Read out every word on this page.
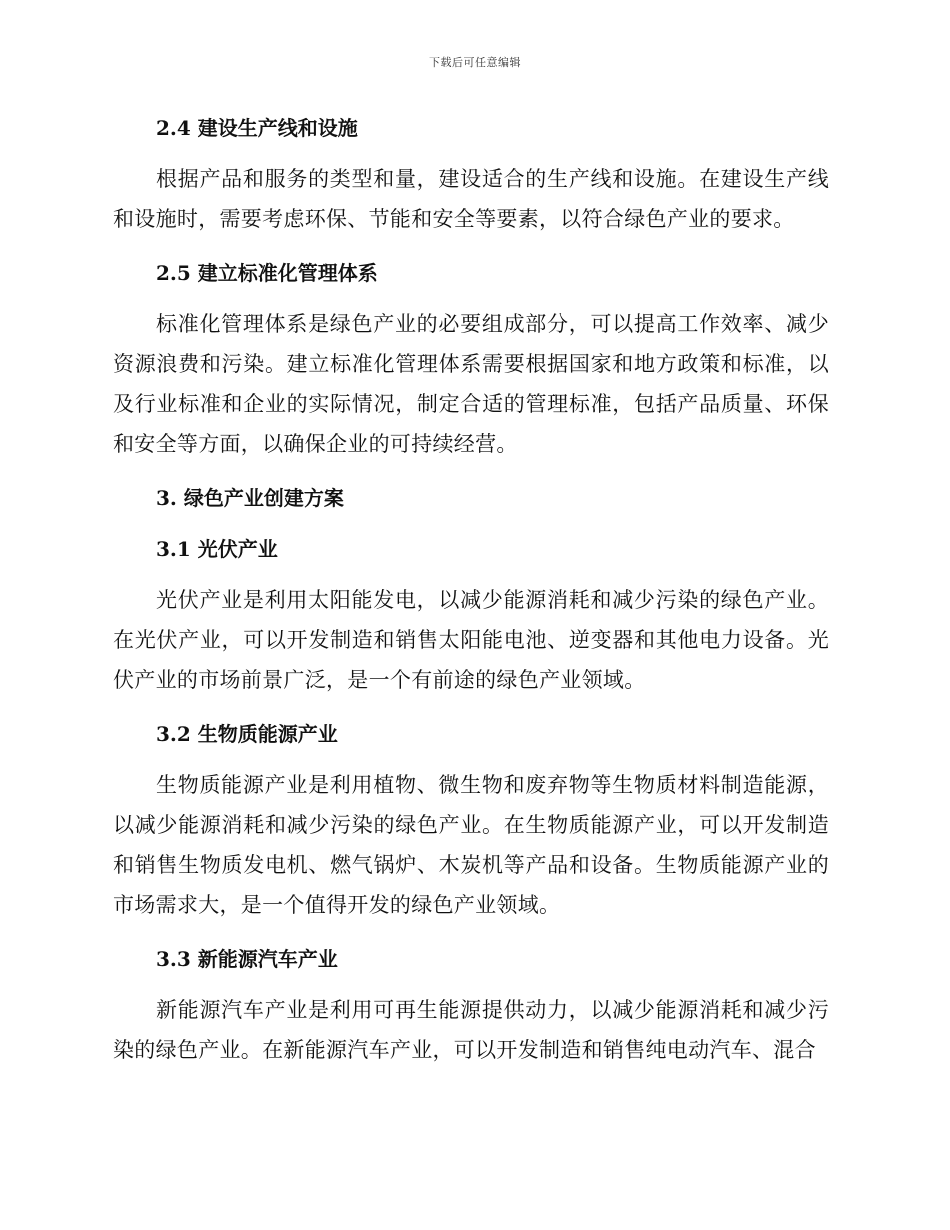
下载后可任意编辑
2.4 建设生产线和设施

根据产品和服务的类型和量，建设适合的生产线和设施。在建设生产线和设施时，需要考虑环保、节能和安全等要素，以符合绿色产业的要求。

2.5 建立标准化管理体系

标准化管理体系是绿色产业的必要组成部分，可以提高工作效率、减少资源浪费和污染。建立标准化管理体系需要根据国家和地方政策和标准，以及行业标准和企业的实际情况，制定合适的管理标准，包括产品质量、环保和安全等方面，以确保企业的可持续经营。

3. 绿色产业创建方案
3.1 光伏产业

光伏产业是利用太阳能发电，以减少能源消耗和减少污染的绿色产业。在光伏产业，可以开发制造和销售太阳能电池、逆变器和其他电力设备。光伏产业的市场前景广泛，是一个有前途的绿色产业领域。

3.2 生物质能源产业

生物质能源产业是利用植物、微生物和废弃物等生物质材料制造能源，以减少能源消耗和减少污染的绿色产业。在生物质能源产业，可以开发制造和销售生物质发电机、燃气锅炉、木炭机等产品和设备。生物质能源产业的市场需求大，是一个值得开发的绿色产业领域。

3.3 新能源汽车产业

新能源汽车产业是利用可再生能源提供动力，以减少能源消耗和减少污染的绿色产业。在新能源汽车产业，可以开发制造和销售纯电动汽车、混合
